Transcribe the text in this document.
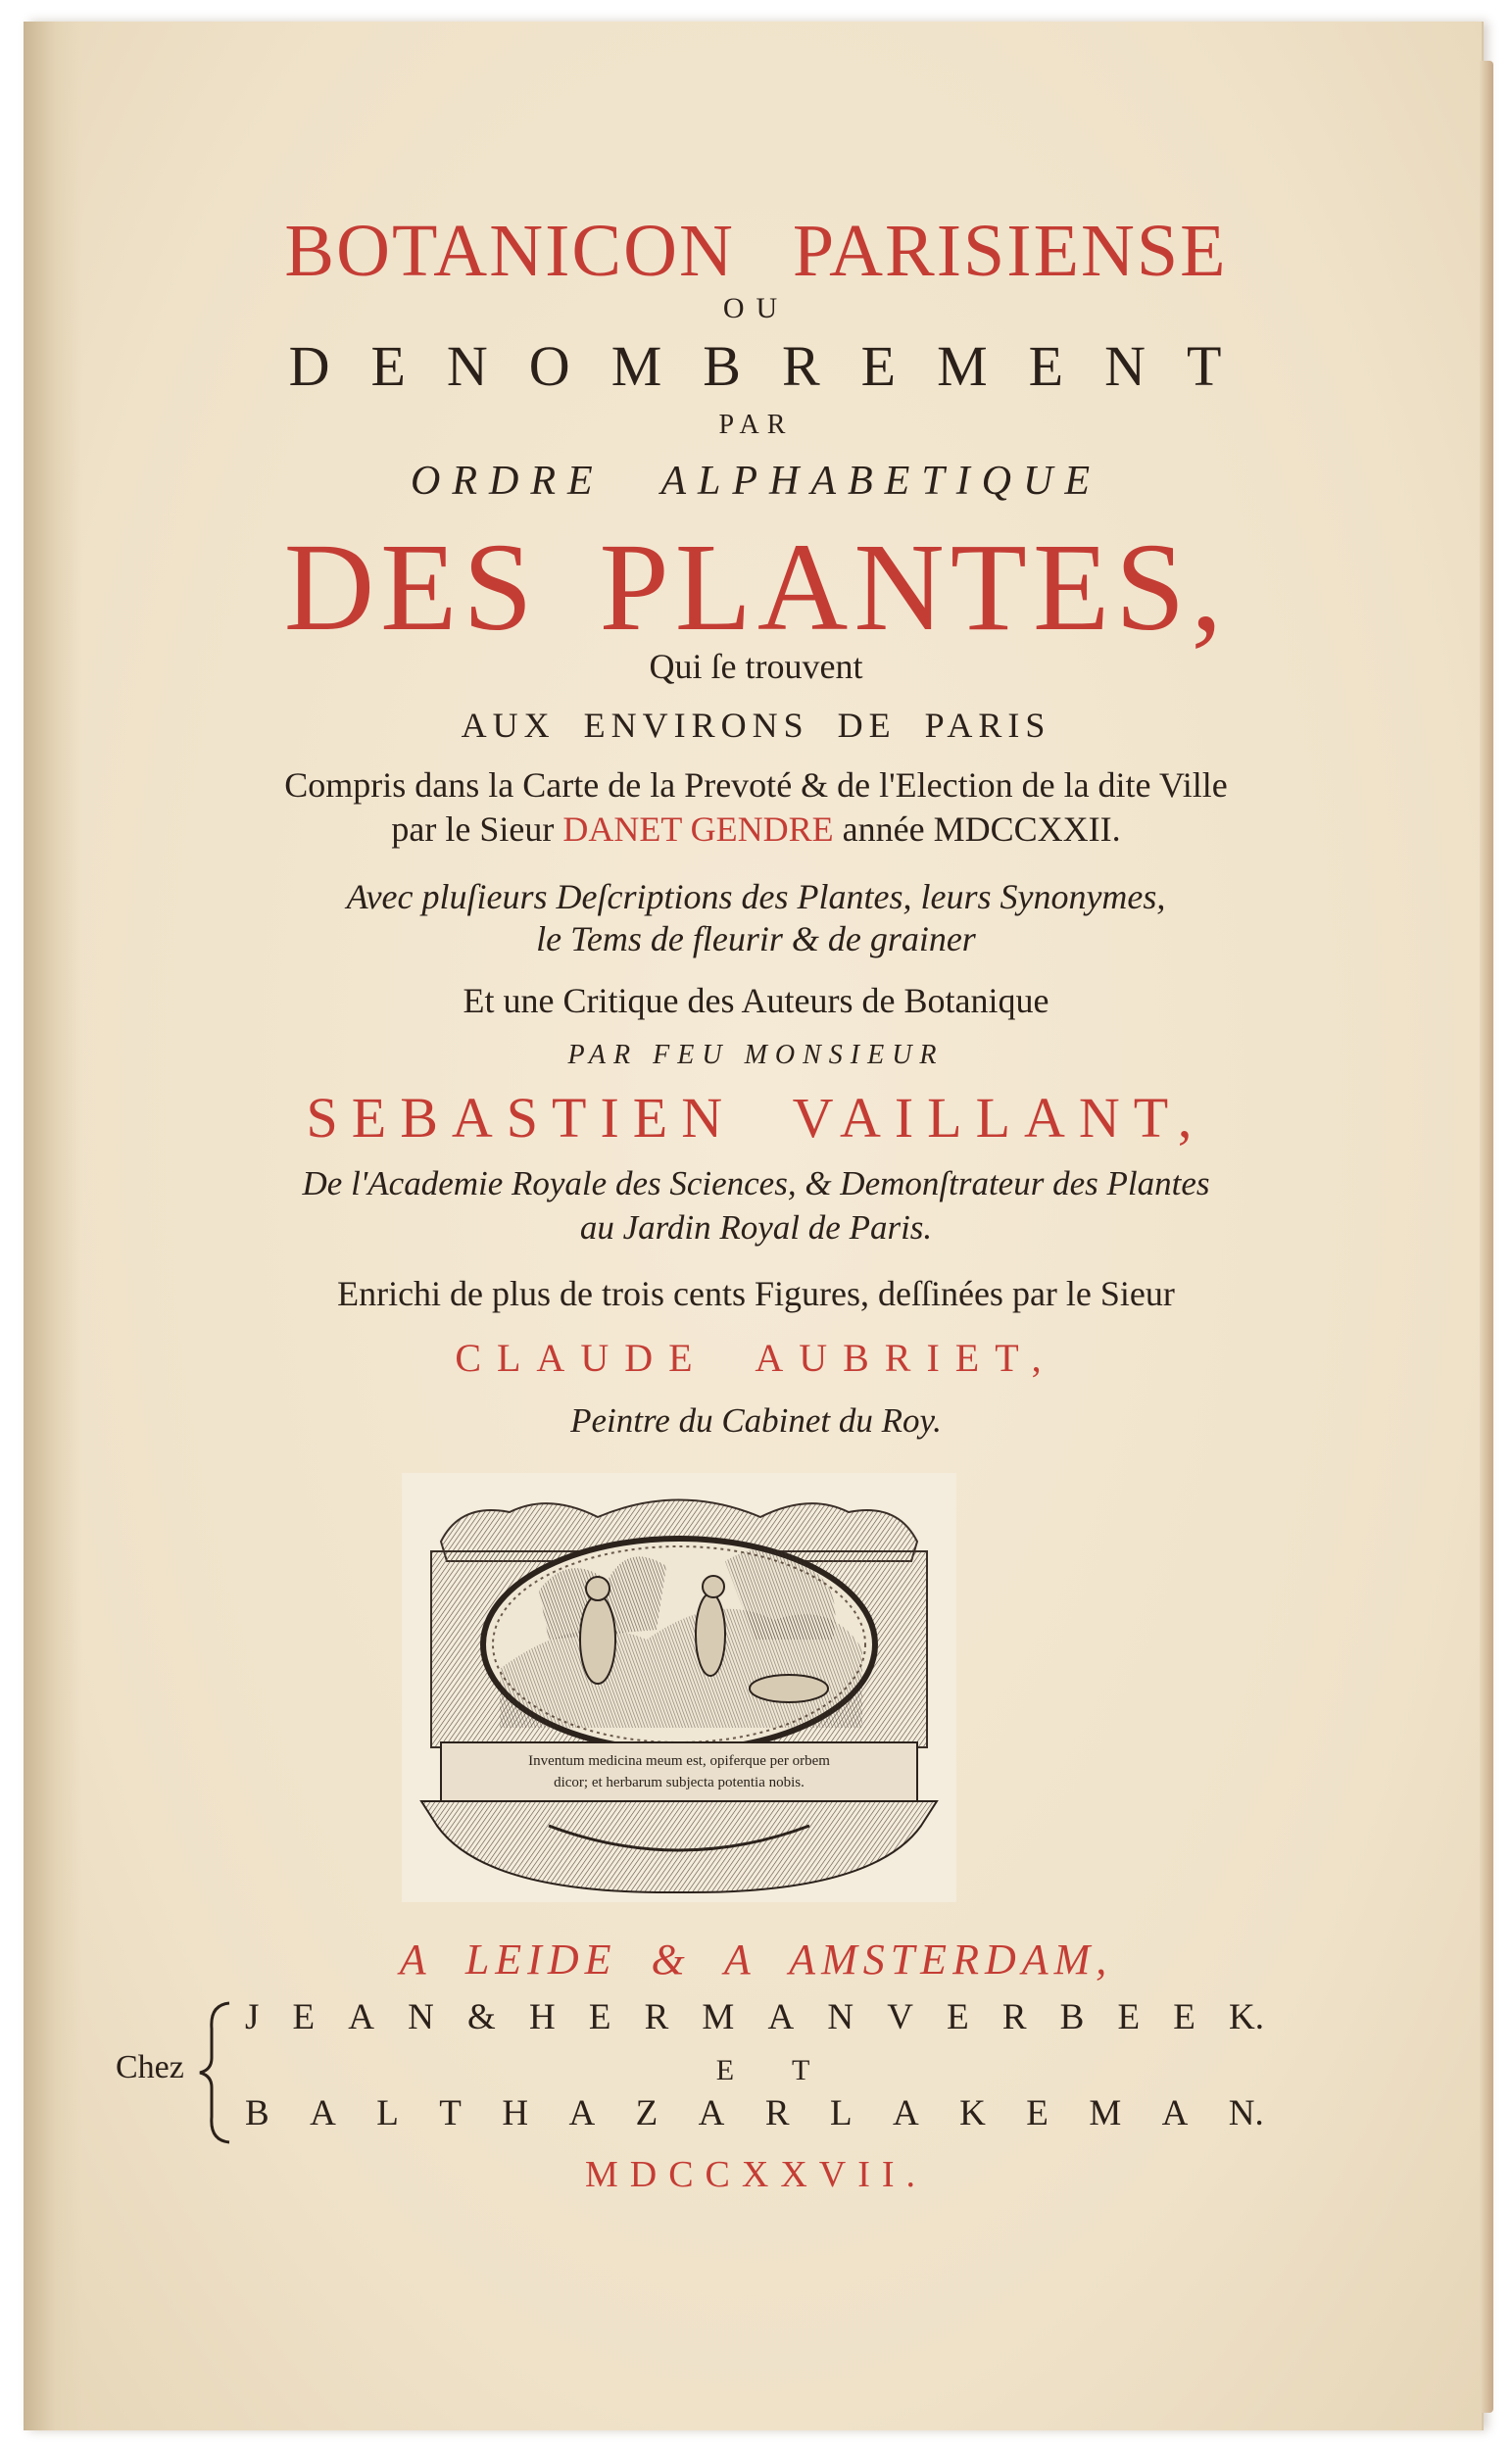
BOTANICON PARISIENSE
OU
DENOMBREMENT
PAR
ORDRE ALPHABETIQUE
DES PLANTES,
Qui ſe trouvent
AUX ENVIRONS DE PARIS
Compris dans la Carte de la Prevoté & de l'Election de la dite Ville
par le Sieur DANET GENDRE année MDCCXXII.
Avec pluſieurs Deſcriptions des Plantes, leurs Synonymes,
le Tems de fleurir & de grainer
Et une Critique des Auteurs de Botanique
PAR FEU MONSIEUR
SEBASTIEN VAILLANT,
De l'Academie Royale des Sciences, & Demonſtrateur des Plantes
au Jardin Royal de Paris.
Enrichi de plus de trois cents Figures, deſſinées par le Sieur
CLAUDE AUBRIET,
Peintre du Cabinet du Roy.
Inventum medicina meum est, opiferque per orbem
dicor; et herbarum subjecta potentia nobis.
A LEIDE & A AMSTERDAM,
Chez
J E A N & H E R M A N V E R B E E K.
E T
B A L T H A Z A R L A K E M A N.
MDCCXXVII.
